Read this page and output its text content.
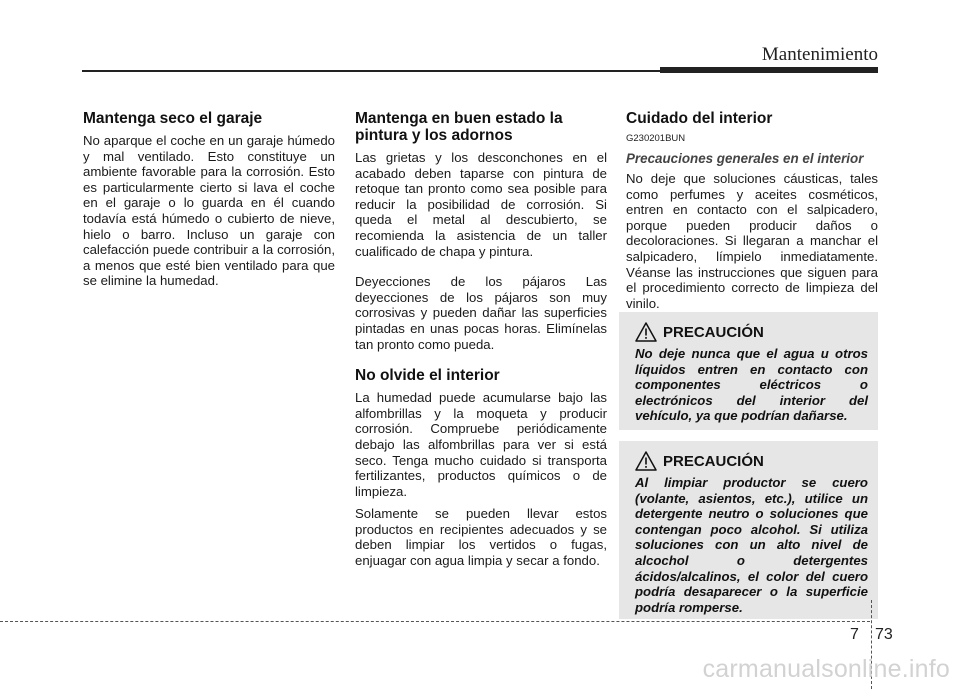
Mantenimiento
Mantenga seco el garaje

No aparque el coche en un garaje húmedo y mal ventilado. Esto constituye un ambiente favorable para la corrosión. Esto es particularmente cierto si lava el coche en el garaje o lo guarda en él cuando todavía está húmedo o cubierto de nieve, hielo o barro. Incluso un garaje con calefacción puede contribuir a la corrosión, a menos que esté bien ventilado para que se elimine la humedad.

Mantenga en buen estado la pintura y los adornos

Las grietas y los desconchones en el acabado deben taparse con pintura de retoque tan pronto como sea posible para reducir la posibilidad de corrosión. Si queda el metal al descubierto, se recomienda la asistencia de un taller cualificado de chapa y pintura.

Deyecciones de los pájaros Las deyecciones de los pájaros son muy corrosivas y pueden dañar las superficies pintadas en unas pocas horas. Elimínelas tan pronto como pueda.

No olvide el interior

La humedad puede acumularse bajo las alfombrillas y la moqueta y producir corrosión. Compruebe periódicamente debajo las alfombrillas para ver si está seco. Tenga mucho cuidado si transporta fertilizantes, productos químicos o de limpieza.

Solamente se pueden llevar estos productos en recipientes adecuados y se deben limpiar los vertidos o fugas, enjuagar con agua limpia y secar a fondo.

Cuidado del interior
G230201BUN
Precauciones generales en el interior

No deje que soluciones cáusticas, tales como perfumes y aceites cosméticos, entren en contacto con el salpicadero, porque pueden producir daños o decoloraciones. Si llegaran a manchar el salpicadero, límpielo inmediatamente. Véanse las instrucciones que siguen para el procedimiento correcto de limpieza del vinilo.

PRECAUCIÓN
No deje nunca que el agua u otros líquidos entren en contacto con componentes eléctricos o electrónicos del interior del vehículo, ya que podrían dañarse.
PRECAUCIÓN
Al limpiar productor se cuero (volante, asientos, etc.), utilice un detergente neutro o soluciones que contengan poco alcohol. Si utiliza soluciones con un alto nivel de alcochol o detergentes ácidos/alcalinos, el color del cuero podría desaparecer o la superficie podría romperse.
7 73
carmanualsonline.info
